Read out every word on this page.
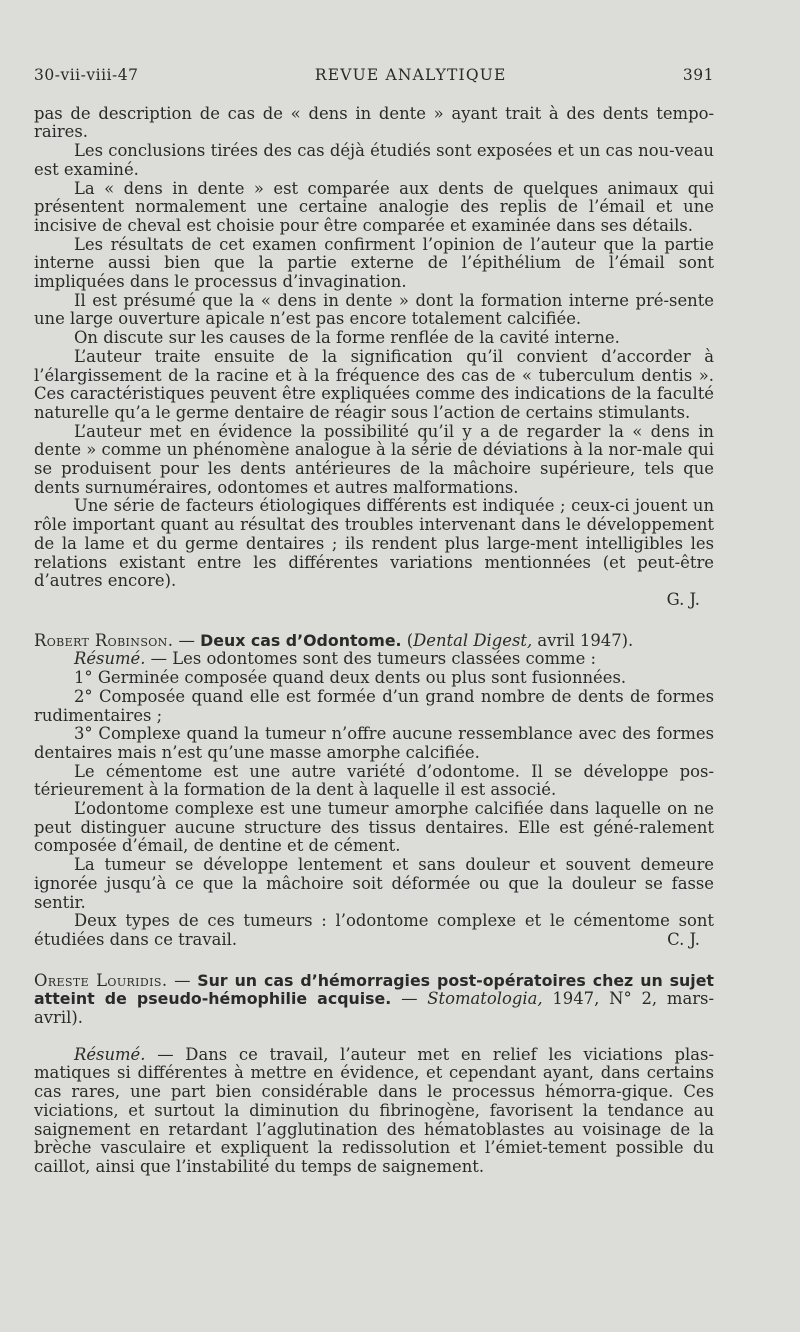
30-vii-viii-47	REVUE ANALYTIQUE	391

pas de description de cas de « dens in dente » ayant trait à des dents tempo-raires.

Les conclusions tirées des cas déjà étudiés sont exposées et un cas nou-veau est examiné.

La « dens in dente » est comparée aux dents de quelques animaux qui présentent normalement une certaine analogie des replis de l’émail et une incisive de cheval est choisie pour être comparée et examinée dans ses détails.

Les résultats de cet examen confirment l’opinion de l’auteur que la partie interne aussi bien que la partie externe de l’épithélium de l’émail sont impliquées dans le processus d’invagination.

Il est présumé que la « dens in dente » dont la formation interne pré-sente une large ouverture apicale n’est pas encore totalement calcifiée.

On discute sur les causes de la forme renflée de la cavité interne.

L’auteur traite ensuite de la signification qu’il convient d’accorder à l’élargissement de la racine et à la fréquence des cas de « tuberculum dentis ». Ces caractéristiques peuvent être expliquées comme des indications de la faculté naturelle qu’a le germe dentaire de réagir sous l’action de certains stimulants.

L’auteur met en évidence la possibilité qu’il y a de regarder la « dens in dente » comme un phénomène analogue à la série de déviations à la nor-male qui se produisent pour les dents antérieures de la mâchoire supérieure, tels que dents surnuméraires, odontomes et autres malformations.

Une série de facteurs étiologiques différents est indiquée ; ceux-ci jouent un rôle important quant au résultat des troubles intervenant dans le développement de la lame et du germe dentaires ; ils rendent plus large-ment intelligibles les relations existant entre les différentes variations mentionnées (et peut-être d’autres encore).

G. J.

Robert Robinson. — Deux cas d’Odontome. (Dental Digest, avril 1947).

Résumé. — Les odontomes sont des tumeurs classées comme :

1° Germinée composée quand deux dents ou plus sont fusionnées.

2° Composée quand elle est formée d’un grand nombre de dents de formes rudimentaires ;

3° Complexe quand la tumeur n’offre aucune ressemblance avec des formes dentaires mais n’est qu’une masse amorphe calcifiée.

Le cémentome est une autre variété d’odontome. Il se développe pos-térieurement à la formation de la dent à laquelle il est associé.

L’odontome complexe est une tumeur amorphe calcifiée dans laquelle on ne peut distinguer aucune structure des tissus dentaires. Elle est géné-ralement composée d’émail, de dentine et de cément.

La tumeur se développe lentement et sans douleur et souvent demeure ignorée jusqu’à ce que la mâchoire soit déformée ou que la douleur se fasse sentir.

Deux types de ces tumeurs : l’odontome complexe et le cémentome sont étudiées dans ce travail.	C. J.

Oreste Louridis. — Sur un cas d’hémorragies post-opératoires chez un sujet atteint de pseudo-hémophilie acquise. — Stomatologia, 1947, N° 2, mars-avril).

Résumé. — Dans ce travail, l’auteur met en relief les viciations plas-matiques si différentes à mettre en évidence, et cependant ayant, dans certains cas rares, une part bien considérable dans le processus hémorra-gique. Ces viciations, et surtout la diminution du fibrinogène, favorisent la tendance au saignement en retardant l’agglutination des hématoblastes au voisinage de la brèche vasculaire et expliquent la redissolution et l’émiet-tement possible du caillot, ainsi que l’instabilité du temps de saignement.
